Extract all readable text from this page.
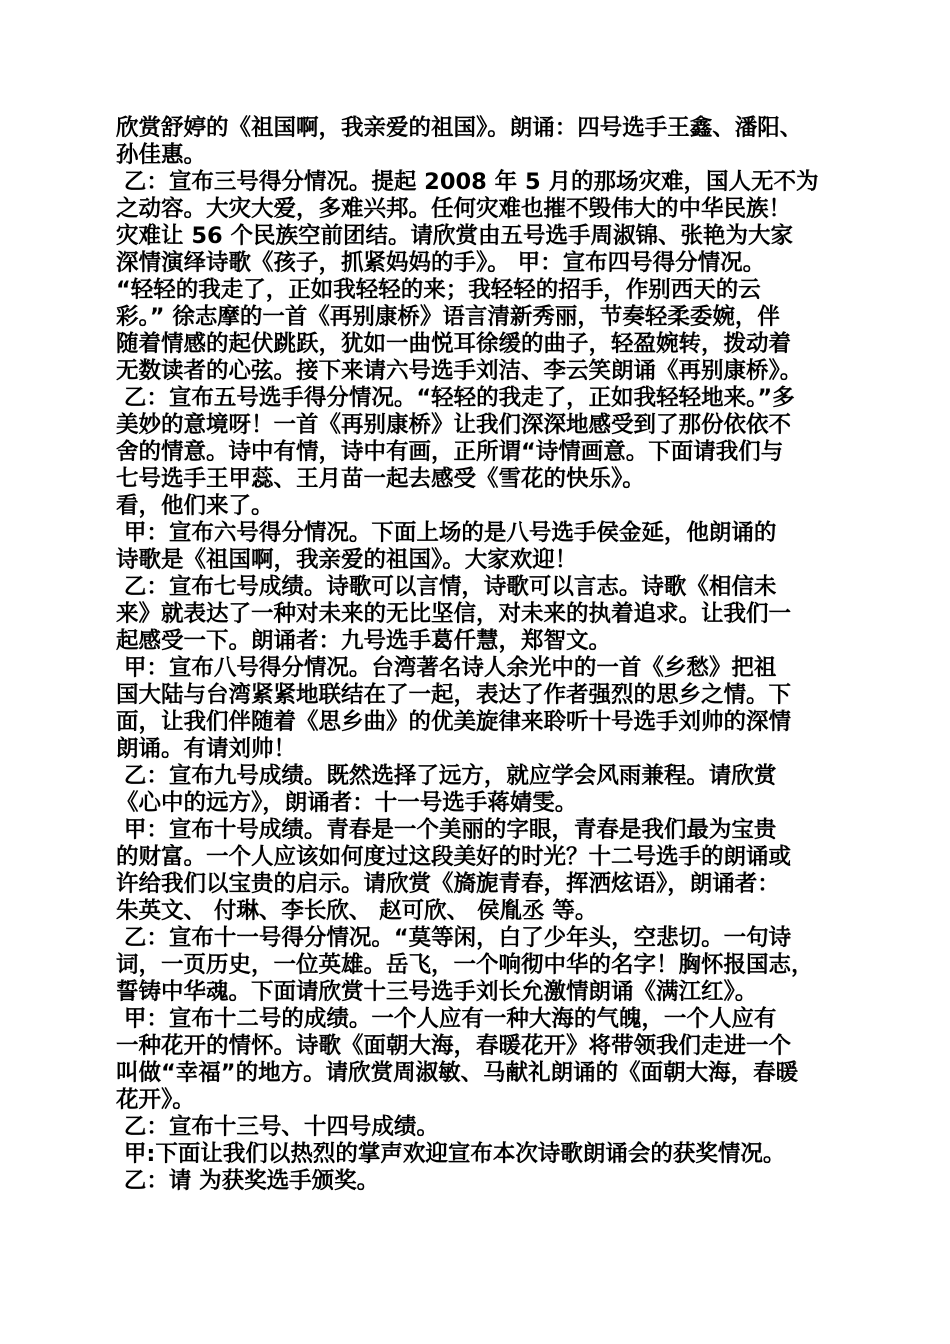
欣赏舒婷的《祖国啊，我亲爱的祖国》。朗诵：四号选手王鑫、潘阳、
孙佳惠。
乙：宣布三号得分情况。提起 2008 年 5 月的那场灾难，国人无不为
之动容。大灾大爱，多难兴邦。任何灾难也摧不毁伟大的中华民族！
灾难让 56 个民族空前团结。请欣赏由五号选手周淑锦、张艳为大家
深情演绎诗歌《孩子，抓紧妈妈的手》。 甲：宣布四号得分情况。
“轻轻的我走了，正如我轻轻的来；我轻轻的招手，作别西天的云
彩。” 徐志摩的一首《再别康桥》语言清新秀丽，节奏轻柔委婉，伴
随着情感的起伏跳跃，犹如一曲悦耳徐缓的曲子，轻盈婉转，拨动着
无数读者的心弦。接下来请六号选手刘洁、李云笑朗诵《再别康桥》。
乙：宣布五号选手得分情况。“轻轻的我走了，正如我轻轻地来。”多
美妙的意境呀！一首《再别康桥》让我们深深地感受到了那份依依不
舍的情意。诗中有情，诗中有画，正所谓“诗情画意。下面请我们与
七号选手王甲蕊、王月苗一起去感受《雪花的快乐》。
看，他们来了。
甲：宣布六号得分情况。下面上场的是八号选手侯金延，他朗诵的
诗歌是《祖国啊，我亲爱的祖国》。大家欢迎！
乙：宣布七号成绩。诗歌可以言情，诗歌可以言志。诗歌《相信未
来》就表达了一种对未来的无比坚信，对未来的执着追求。让我们一
起感受一下。朗诵者：九号选手葛仟慧，郑智文。
甲：宣布八号得分情况。台湾著名诗人余光中的一首《乡愁》把祖
国大陆与台湾紧紧地联结在了一起，表达了作者强烈的思乡之情。下
面，让我们伴随着《思乡曲》的优美旋律来聆听十号选手刘帅的深情
朗诵。有请刘帅！
乙：宣布九号成绩。既然选择了远方，就应学会风雨兼程。请欣赏
《心中的远方》，朗诵者：十一号选手蒋婧雯。
甲：宣布十号成绩。青春是一个美丽的字眼，青春是我们最为宝贵
的财富。一个人应该如何度过这段美好的时光？十二号选手的朗诵或
许给我们以宝贵的启示。请欣赏《旖旎青春，挥洒炫语》，朗诵者：
朱英文、 付琳、李长欣、 赵可欣、 侯胤丞 等。
乙：宣布十一号得分情况。“莫等闲，白了少年头，空悲切。一句诗
词，一页历史，一位英雄。岳飞，一个响彻中华的名字！胸怀报国志，
誓铸中华魂。下面请欣赏十三号选手刘长允激情朗诵《满江红》。
甲：宣布十二号的成绩。一个人应有一种大海的气魄，一个人应有
一种花开的情怀。诗歌《面朝大海，春暖花开》将带领我们走进一个
叫做“幸福”的地方。请欣赏周淑敏、马献礼朗诵的《面朝大海，春暖
花开》。
乙：宣布十三号、十四号成绩。
甲:下面让我们以热烈的掌声欢迎宣布本次诗歌朗诵会的获奖情况。
乙：请 为获奖选手颁奖。
